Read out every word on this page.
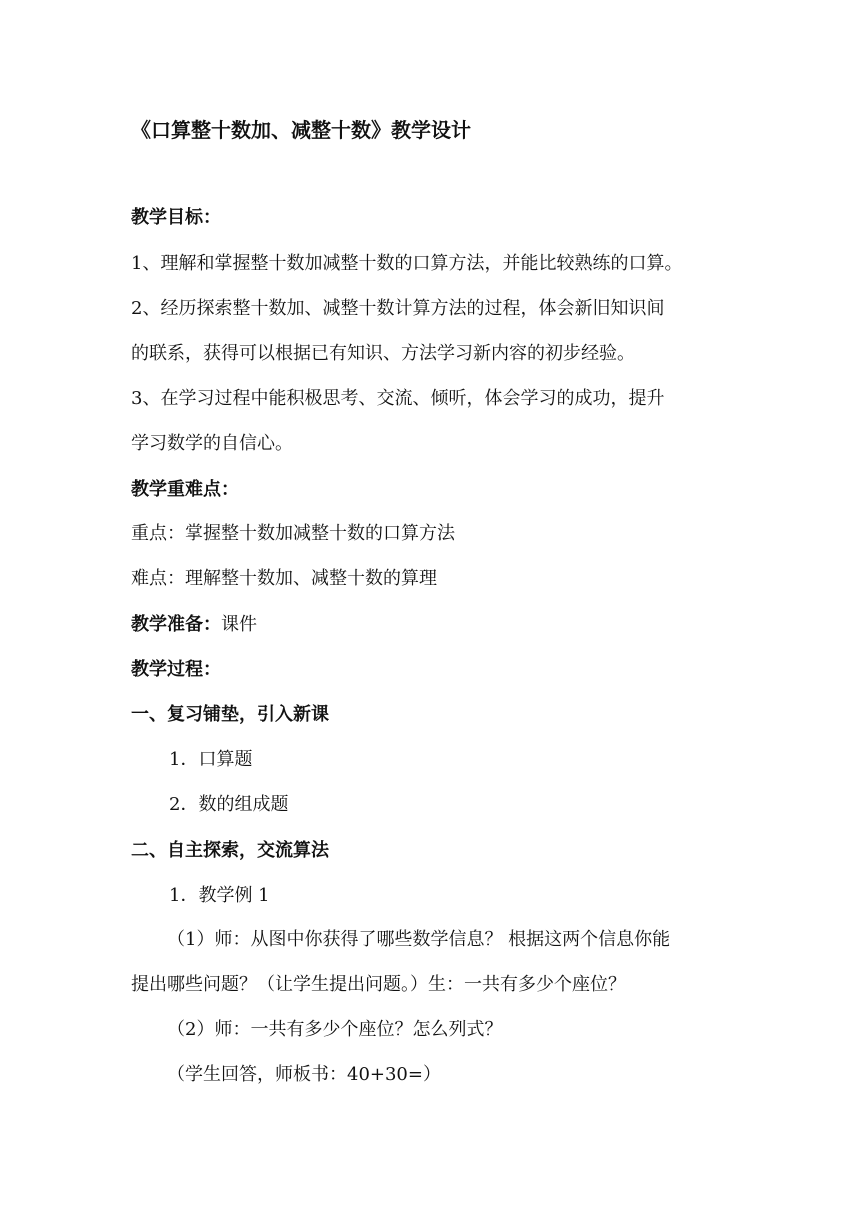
《口算整十数加、减整十数》教学设计
教学目标：
1、理解和掌握整十数加减整十数的口算方法，并能比较熟练的口算。
2、经历探索整十数加、减整十数计算方法的过程，体会新旧知识间
的联系，获得可以根据已有知识、方法学习新内容的初步经验。
3、在学习过程中能积极思考、交流、倾听，体会学习的成功，提升
学习数学的自信心。
教学重难点：
重点：掌握整十数加减整十数的口算方法
难点：理解整十数加、减整十数的算理
教学准备：课件
教学过程：
一、复习铺垫，引入新课
1．口算题
2．数的组成题
二、自主探索，交流算法
1．教学例 1
（1）师：从图中你获得了哪些数学信息？ 根据这两个信息你能
提出哪些问题？（让学生提出问题。）生：一共有多少个座位？
（2）师：一共有多少个座位？怎么列式？
（学生回答，师板书：40+30=）
